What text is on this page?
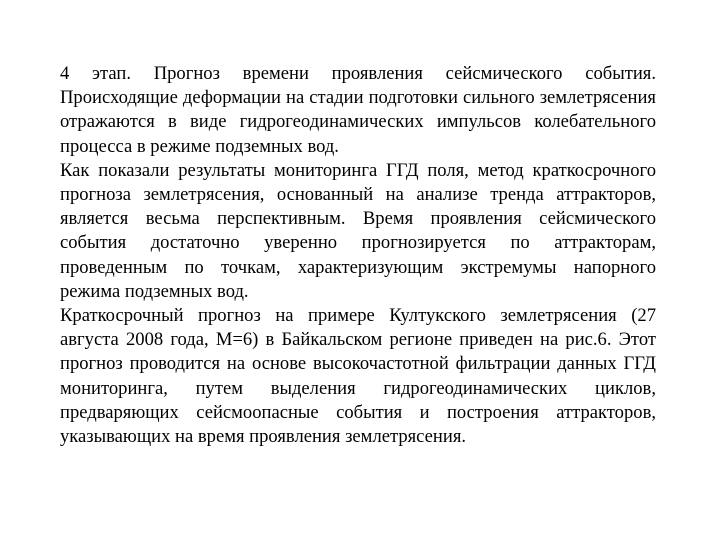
4 этап. Прогноз времени проявления сейсмического события. Происходящие деформации на стадии подготовки сильного землетрясения отражаются в виде гидрогеодинамических импульсов колебательного процесса в режиме подземных вод.

Как показали результаты мониторинга ГГД поля, метод краткосрочного прогноза землетрясения, основанный на анализе тренда аттракторов, является весьма перспективным. Время проявления сейсмического события достаточно уверенно прогнозируется по аттракторам, проведенным по точкам, характеризующим экстремумы напорного режима подземных вод.

Краткосрочный прогноз на примере Култукского землетрясения (27 августа 2008 года, М=6) в Байкальском регионе приведен на рис.6. Этот прогноз проводится на основе высокочастотной фильтрации данных ГГД мониторинга, путем выделения гидрогеодинамических циклов, предваряющих сейсмоопасные события и построения аттракторов, указывающих на время проявления землетрясения.
